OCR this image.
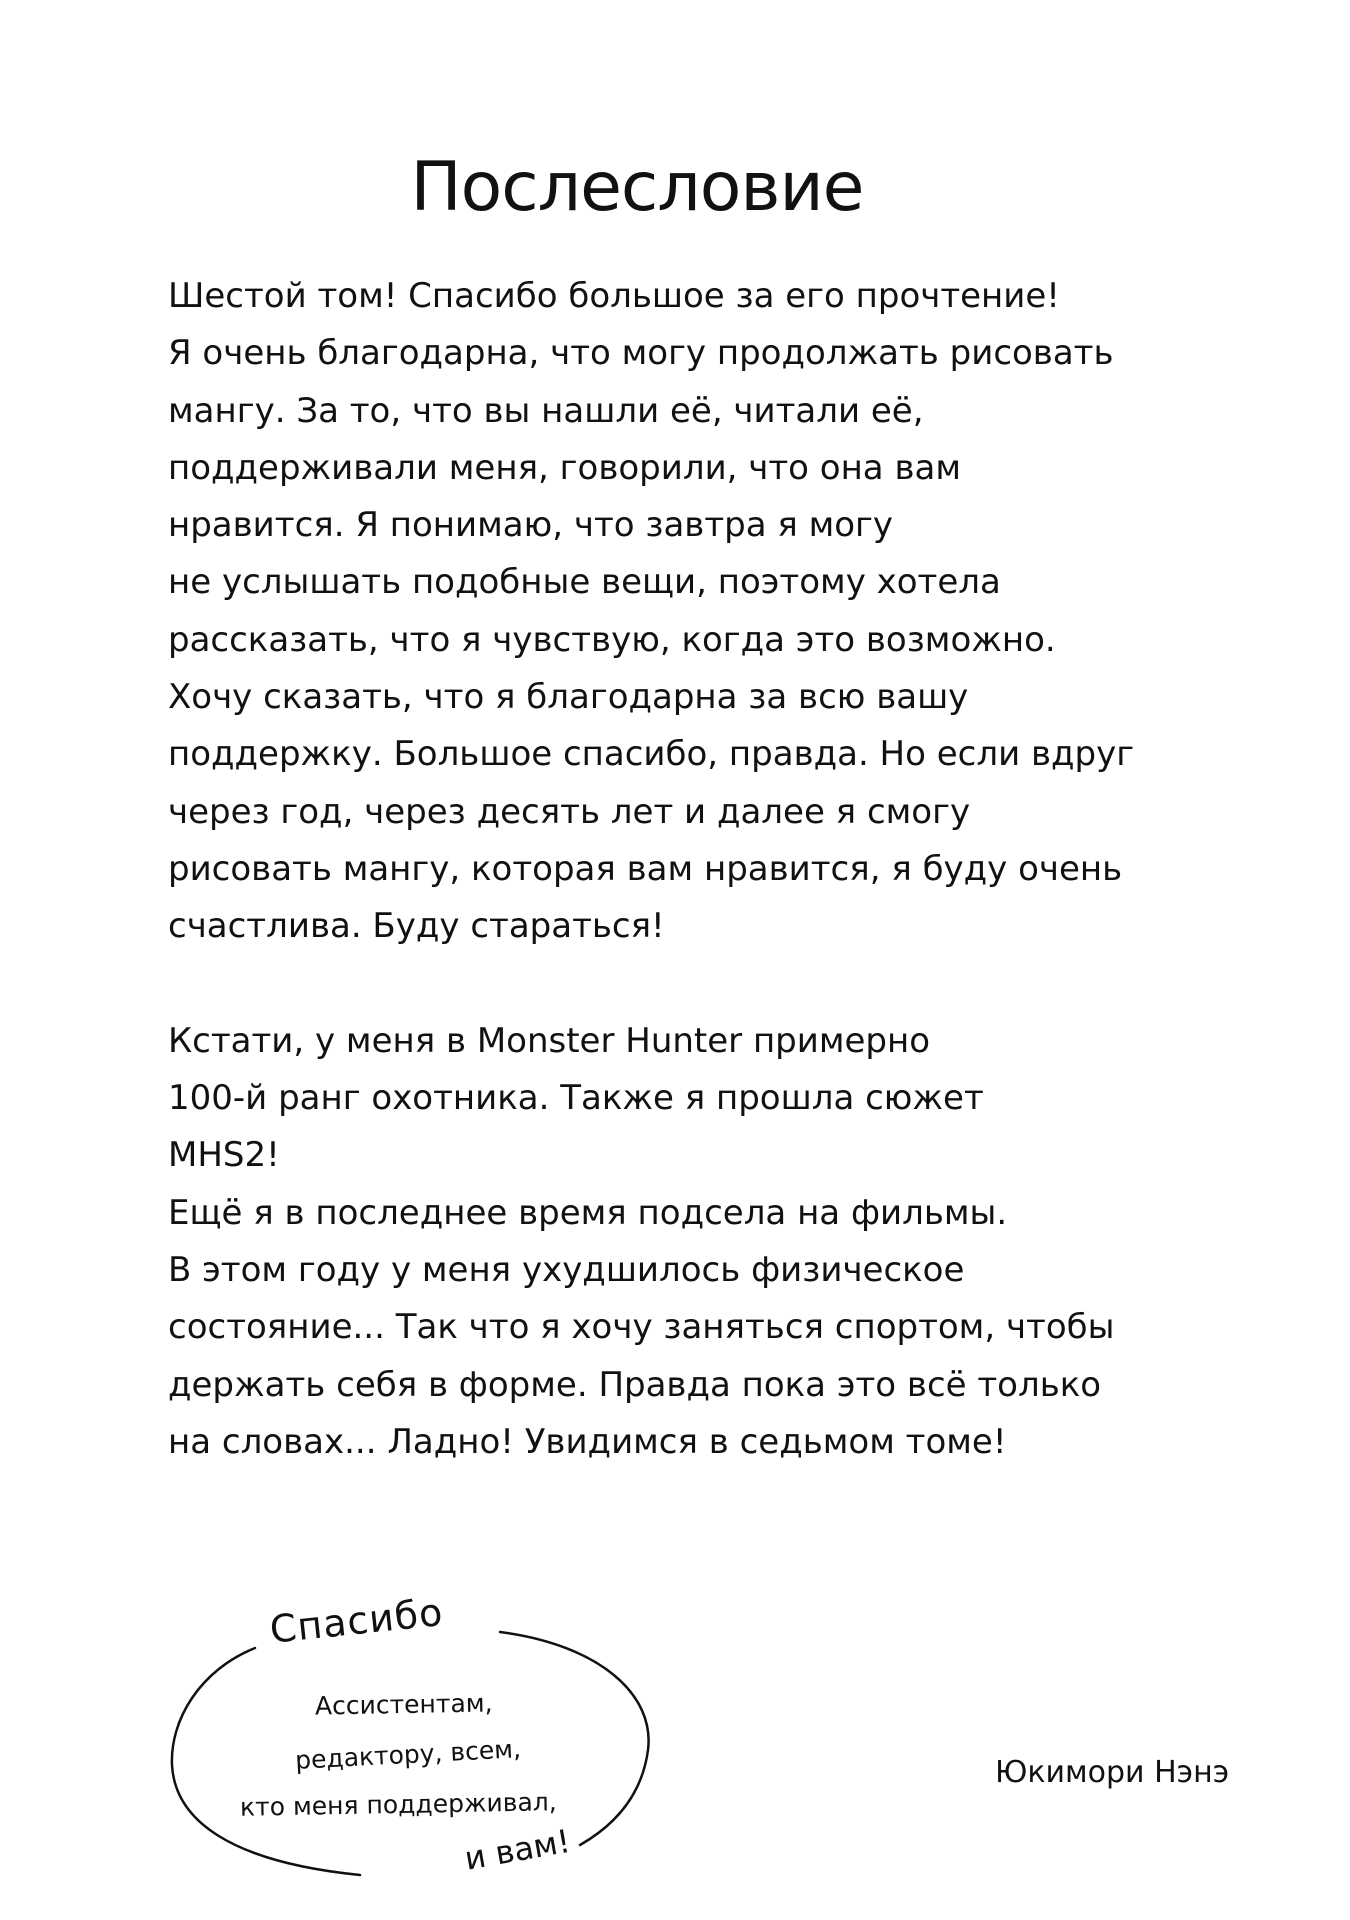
Послесловие
Шестой том! Спасибо большое за его прочтение!
Я очень благодарна, что могу продолжать рисовать
мангу. За то, что вы нашли её, читали её,
поддерживали меня, говорили, что она вам
нравится. Я понимаю, что завтра я могу
не услышать подобные вещи, поэтому хотела
рассказать, что я чувствую, когда это возможно.
Хочу сказать, что я благодарна за всю вашу
поддержку. Большое спасибо, правда. Но если вдруг
через год, через десять лет и далее я смогу
рисовать мангу, которая вам нравится, я буду очень
счастлива. Буду стараться!
Кстати, у меня в Monster Hunter примерно
100-й ранг охотника. Также я прошла сюжет
MHS2!
Ещё я в последнее время подсела на фильмы.
В этом году у меня ухудшилось физическое
состояние... Так что я хочу заняться спортом, чтобы
держать себя в форме. Правда пока это всё только
на словах... Ладно! Увидимся в седьмом томе!
Спасибо
Ассистентам,
редактору, всем,
кто меня поддерживал,
и вам!
Юкимори Нэнэ
